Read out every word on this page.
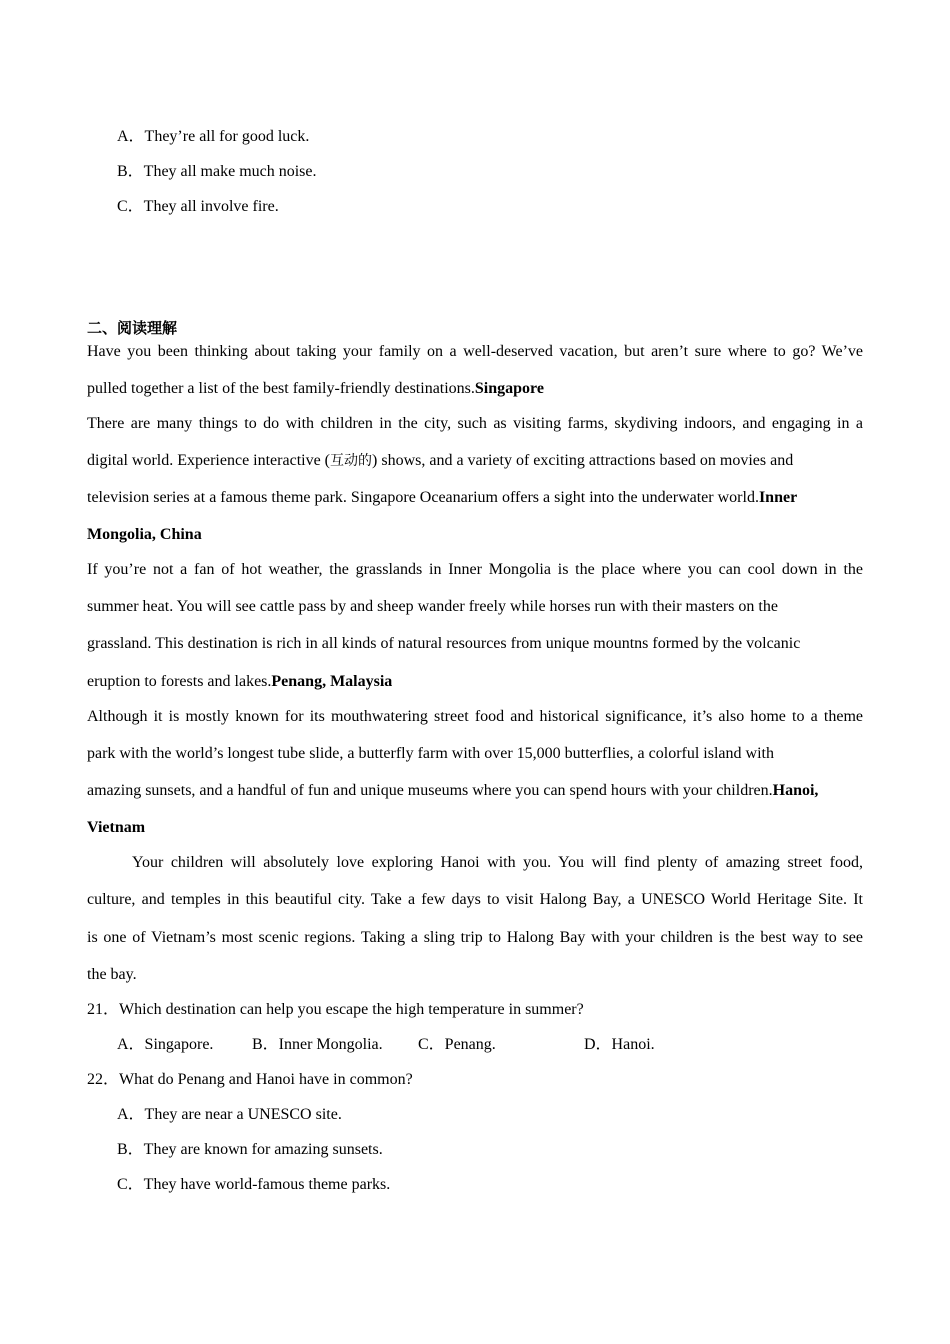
A．They’re all for good luck.
B．They all make much noise.
C．They all involve fire.
二、阅读理解
Have you been thinking about taking your family on a well-deserved vacation, but aren’t sure where to go? We’ve
pulled together a list of the best family-friendly destinations.Singapore
There are many things to do with children in the city, such as visiting farms, skydiving indoors, and engaging in a
digital world. Experience interactive (互动的) shows, and a variety of exciting attractions based on movies and
television series at a famous theme park. Singapore Oceanarium offers a sight into the underwater world.Inner
Mongolia, China
If you’re not a fan of hot weather, the grasslands in Inner Mongolia is the place where you can cool down in the
summer heat. You will see cattle pass by and sheep wander freely while horses run with their masters on the
grassland. This destination is rich in all kinds of natural resources from unique mountns formed by the volcanic
eruption to forests and lakes.Penang, Malaysia
Although it is mostly known for its mouthwatering street food and historical significance, it’s also home to a theme
park with the world’s longest tube slide, a butterfly farm with over 15,000 butterflies, a colorful island with
amazing sunsets, and a handful of fun and unique museums where you can spend hours with your children.Hanoi,
Vietnam
Your children will absolutely love exploring Hanoi with you. You will find plenty of amazing street food,
culture, and temples in this beautiful city. Take a few days to visit Halong Bay, a UNESCO World Heritage Site. It
is one of Vietnam’s most scenic regions. Taking a sling trip to Halong Bay with your children is the best way to see
the bay.
21．Which destination can help you escape the high temperature in summer?
A．Singapore. B．Inner Mongolia. C．Penang.	D．Hanoi.
22．What do Penang and Hanoi have in common?
A．They are near a UNESCO site.
B．They are known for amazing sunsets.
C．They have world-famous theme parks.
